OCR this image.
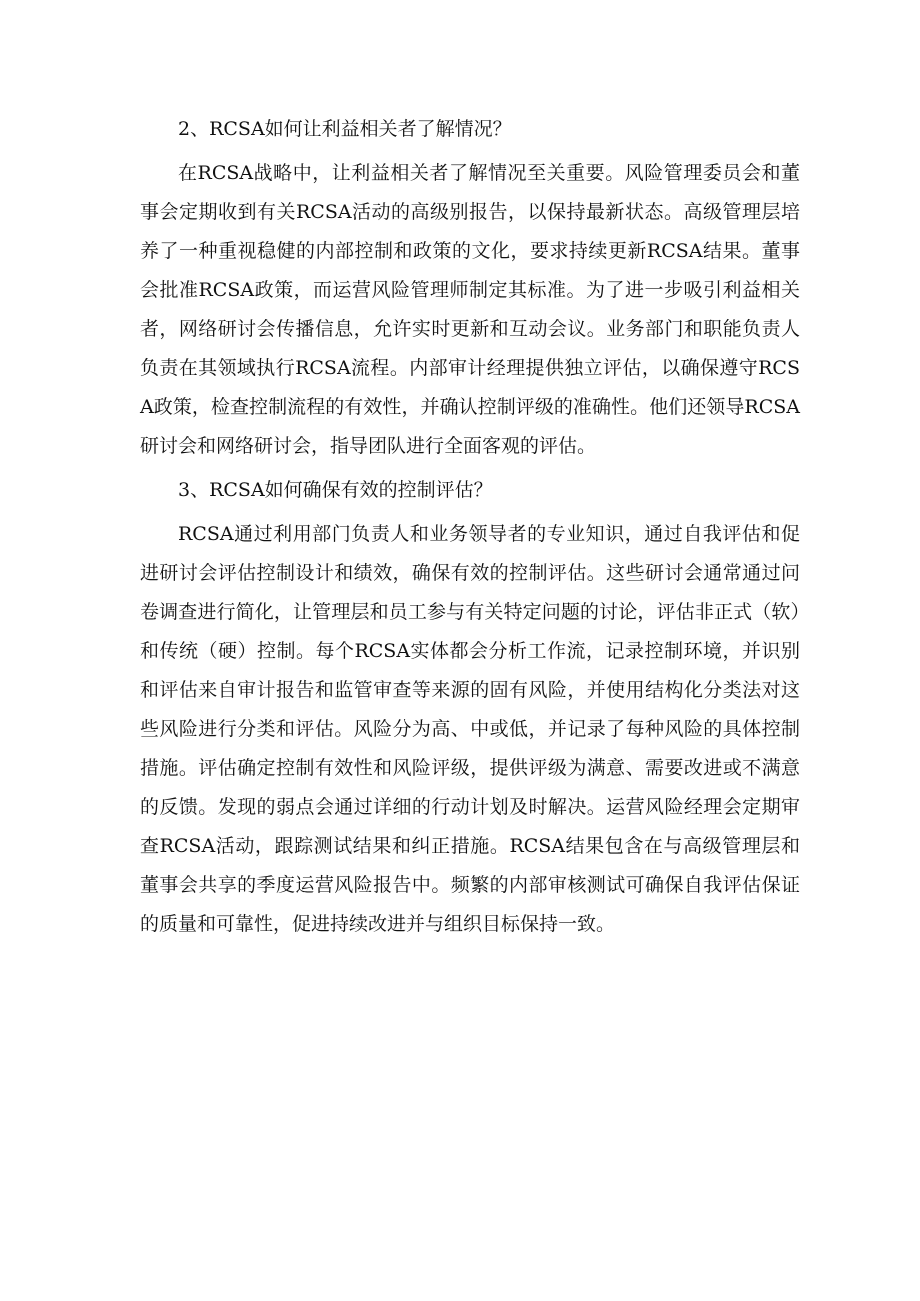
2、RCSA如何让利益相关者了解情况？

在RCSA战略中，让利益相关者了解情况至关重要。风险管理委员会和董事会定期收到有关RCSA活动的高级别报告，以保持最新状态。高级管理层培养了一种重视稳健的内部控制和政策的文化，要求持续更新RCSA结果。董事会批准RCSA政策，而运营风险管理师制定其标准。为了进一步吸引利益相关者，网络研讨会传播信息，允许实时更新和互动会议。业务部门和职能负责人负责在其领域执行RCSA流程。内部审计经理提供独立评估，以确保遵守RCSA政策，检查控制流程的有效性，并确认控制评级的准确性。他们还领导RCSA研讨会和网络研讨会，指导团队进行全面客观的评估。

3、RCSA如何确保有效的控制评估？

RCSA通过利用部门负责人和业务领导者的专业知识，通过自我评估和促进研讨会评估控制设计和绩效，确保有效的控制评估。这些研讨会通常通过问卷调查进行简化，让管理层和员工参与有关特定问题的讨论，评估非正式（软）和传统（硬）控制。每个RCSA实体都会分析工作流，记录控制环境，并识别和评估来自审计报告和监管审查等来源的固有风险，并使用结构化分类法对这些风险进行分类和评估。风险分为高、中或低，并记录了每种风险的具体控制措施。评估确定控制有效性和风险评级，提供评级为满意、需要改进或不满意的反馈。发现的弱点会通过详细的行动计划及时解决。运营风险经理会定期审查RCSA活动，跟踪测试结果和纠正措施。RCSA结果包含在与高级管理层和董事会共享的季度运营风险报告中。频繁的内部审核测试可确保自我评估保证的质量和可靠性，促进持续改进并与组织目标保持一致。
